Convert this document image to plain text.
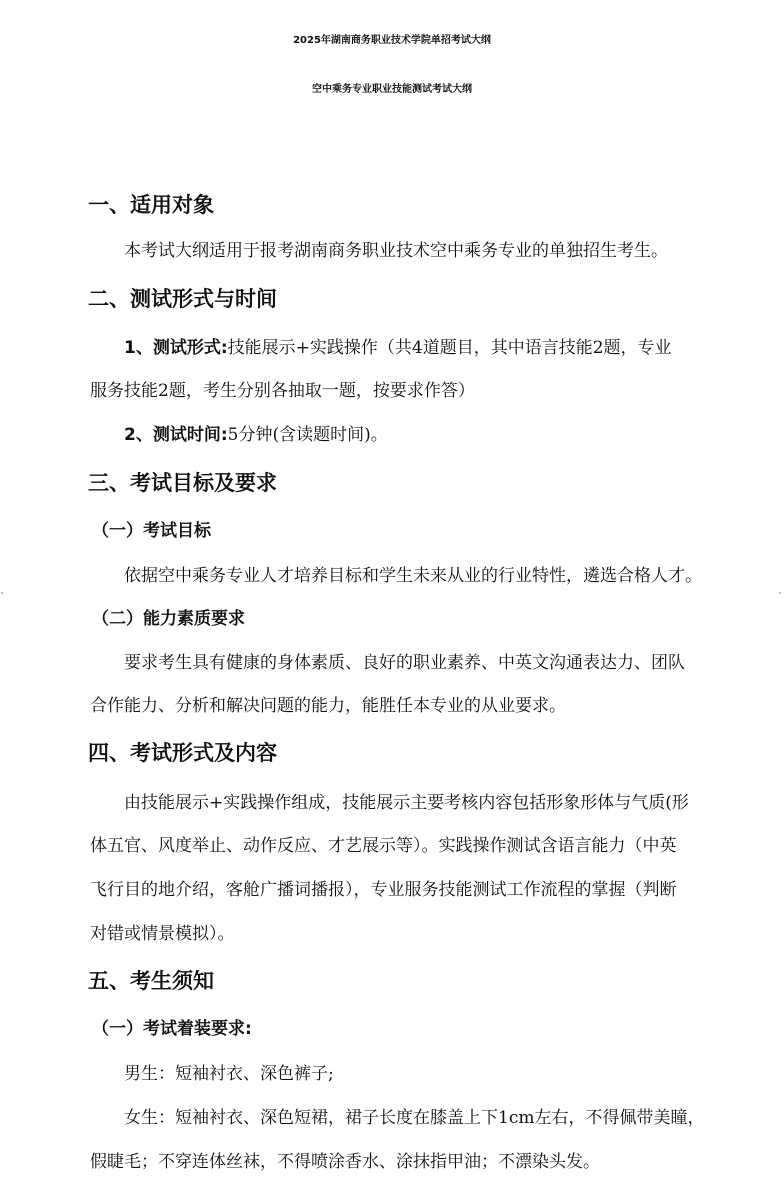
2025年湖南商务职业技术学院单招考试大纲
空中乘务专业职业技能测试考试大纲
一、适用对象
本考试大纲适用于报考湖南商务职业技术空中乘务专业的单独招生考生。
二、测试形式与时间
1、测试形式:技能展示+实践操作（共4道题目，其中语言技能2题，专业
服务技能2题，考生分别各抽取一题，按要求作答）
2、测试时间:5分钟(含读题时间)。
三、考试目标及要求
（一）考试目标
依据空中乘务专业人才培养目标和学生未来从业的行业特性，遴选合格人才。
（二）能力素质要求
要求考生具有健康的身体素质、良好的职业素养、中英文沟通表达力、团队
合作能力、分析和解决问题的能力，能胜任本专业的从业要求。
四、考试形式及内容
由技能展示+实践操作组成，技能展示主要考核内容包括形象形体与气质(形
体五官、风度举止、动作反应、才艺展示等）。实践操作测试含语言能力（中英
飞行目的地介绍，客舱广播词播报），专业服务技能测试工作流程的掌握（判断
对错或情景模拟）。
五、考生须知
（一）考试着装要求:
男生：短袖衬衣、深色裤子;
女生：短袖衬衣、深色短裙，裙子长度在膝盖上下1cm左右，不得佩带美瞳，
假睫毛；不穿连体丝袜，不得喷涂香水、涂抹指甲油；不漂染头发。
